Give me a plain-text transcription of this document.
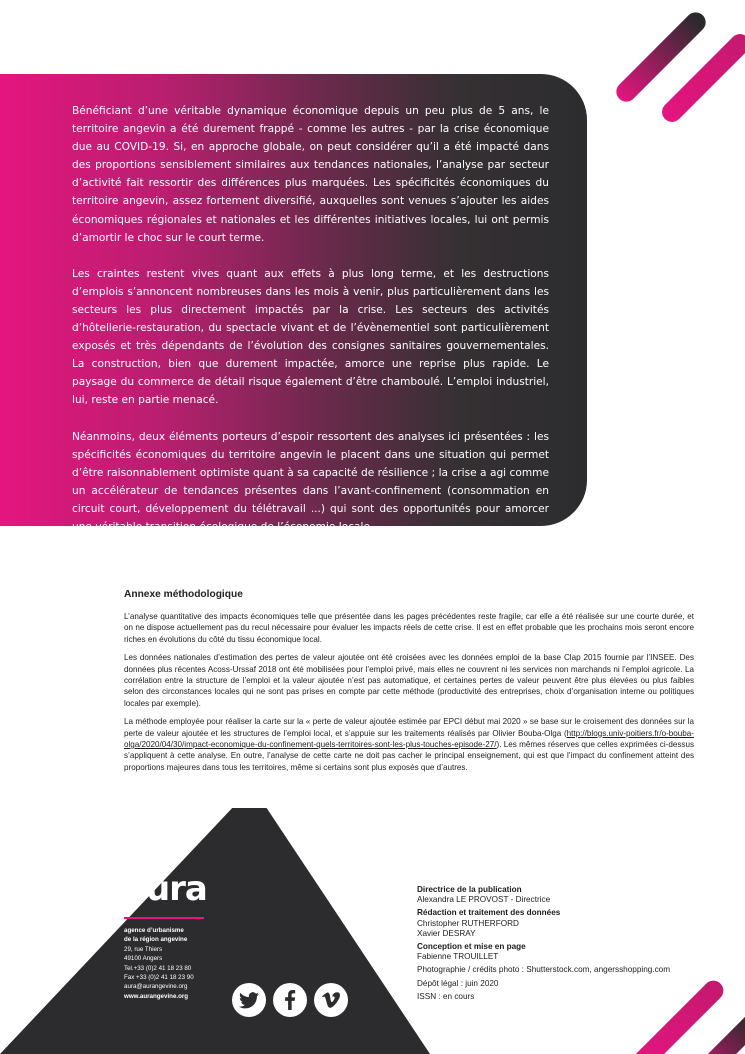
Bénéficiant d’une véritable dynamique économique depuis un peu plus de 5 ans, le territoire angevin a été durement frappé - comme les autres - par la crise économique due au COVID-19. Si, en approche globale, on peut considérer qu’il a été impacté dans des proportions sensiblement similaires aux tendances nationales, l’analyse par secteur d’activité fait ressortir des différences plus marquées. Les spécificités économiques du territoire angevin, assez fortement diversifié, auxquelles sont venues s’ajouter les aides économiques régionales et nationales et les différentes initiatives locales, lui ont permis d’amortir le choc sur le court terme.

Les craintes restent vives quant aux effets à plus long terme, et les destructions d’emplois s’annoncent nombreuses dans les mois à venir, plus particulièrement dans les secteurs les plus directement impactés par la crise. Les secteurs des activités d’hôtellerie-restauration, du spectacle vivant et de l’évènementiel sont particulièrement exposés et très dépendants de l’évolution des consignes sanitaires gouvernementales. La construction, bien que durement impactée, amorce une reprise plus rapide. Le paysage du commerce de détail risque également d’être chamboulé. L’emploi industriel, lui, reste en partie menacé.

Néanmoins, deux éléments porteurs d’espoir ressortent des analyses ici présentées : les spécificités économiques du territoire angevin le placent dans une situation qui permet d’être raisonnablement optimiste quant à sa capacité de résilience ; la crise a agi comme un accélérateur de tendances présentes dans l’avant-confinement (consommation en circuit court, développement du télétravail ...) qui sont des opportunités pour amorcer une véritable transition écologique de l’économie locale.

Annexe méthodologique

L’analyse quantitative des impacts économiques telle que présentée dans les pages précédentes reste fragile, car elle a été réalisée sur une courte durée, et on ne dispose actuellement pas du recul nécessaire pour évaluer les impacts réels de cette crise. Il est en effet probable que les prochains mois seront encore riches en évolutions du côté du tissu économique local.

Les données nationales d’estimation des pertes de valeur ajoutée ont été croisées avec les données emploi de la base Clap 2015 fournie par l’INSEE. Des données plus récentes Acoss-Urssaf 2018 ont été mobilisées pour l’emploi privé, mais elles ne couvrent ni les services non marchands ni l’emploi agricole. La corrélation entre la structure de l’emploi et la valeur ajoutée n’est pas automatique, et certaines pertes de valeur peuvent être plus élevées ou plus faibles selon des circonstances locales qui ne sont pas prises en compte par cette méthode (productivité des entreprises, choix d’organisation interne ou politiques locales par exemple).

La méthode employée pour réaliser la carte sur la « perte de valeur ajoutée estimée par EPCI début mai 2020 » se base sur le croisement des données sur la perte de valeur ajoutée et les structures de l’emploi local, et s’appuie sur les traitements réalisés par Olivier Bouba-Olga (http://blogs.univ-poitiers.fr/o-bouba-olga/2020/04/30/impact-economique-du-confinement-quels-territoires-sont-les-plus-touches-episode-27/). Les mêmes réserves que celles exprimées ci-dessus s’appliquent à cette analyse. En outre, l’analyse de cette carte ne doit pas cacher le principal enseignement, qui est que l’impact du confinement atteint des proportions majeures dans tous les territoires, même si certains sont plus exposés que d’autres.

aura
agence d’urbanisme
de la région angevine
29, rue Thiers
49100 Angers
Tel.+33 (0)2 41 18 23 80
Fax +33 (0)2 41 18 23 90
aura@aurangevine.org
www.aurangevine.org
Directrice de la publication
Alexandra LE PROVOST - Directrice
Rédaction et traitement des données
Christopher RUTHERFORD
Xavier DESRAY
Conception et mise en page
Fabienne TROUILLET
Photographie / crédits photo : Shutterstock.com, angersshopping.com
Dépôt légal : juin 2020
ISSN : en cours
